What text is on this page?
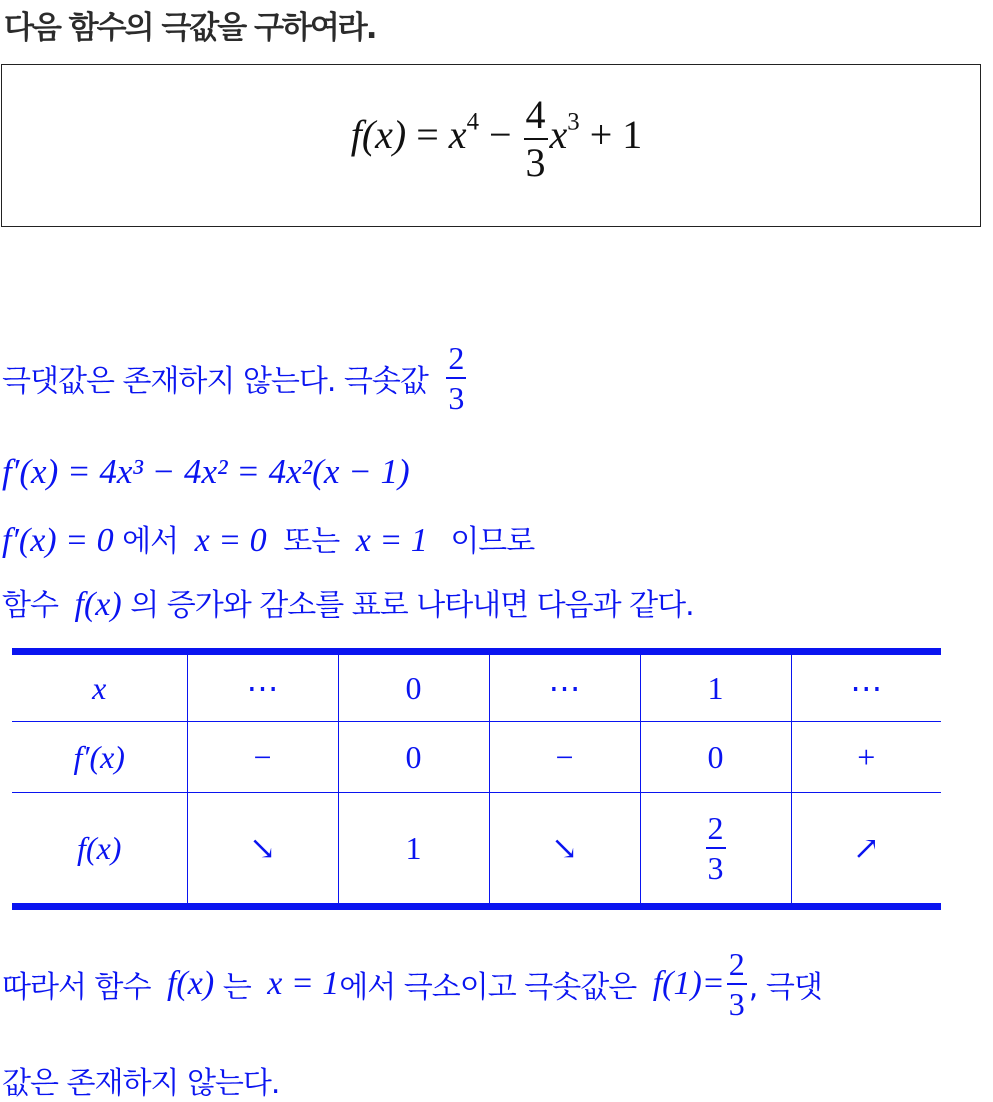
다음 함수의 극값을 구하여라.
$f(x) = x^4 - \frac{4}{3} x^3 + 1$
극댓값은 존재하지 않는다. 극솟값 $\frac{2}{3}$
f′(x) = 4x³ − 4x² = 4x²(x − 1)
f′(x) = 0 에서 x = 0 또는 x = 1 이므로
함수 f(x) 의 증가와 감소를 표로 나타내면 다음과 같다.
x	⋯	0	⋯	1	⋯
f′(x)	−	0	−	0	+
f(x)	↘	1	↘	$\frac{2}{3}$	↗
따라서 함수 f(x) 는 x = 1에서 극소이고 극솟값은 $f(1)= \frac{2}{3}$ , 극댓
값은 존재하지 않는다.
